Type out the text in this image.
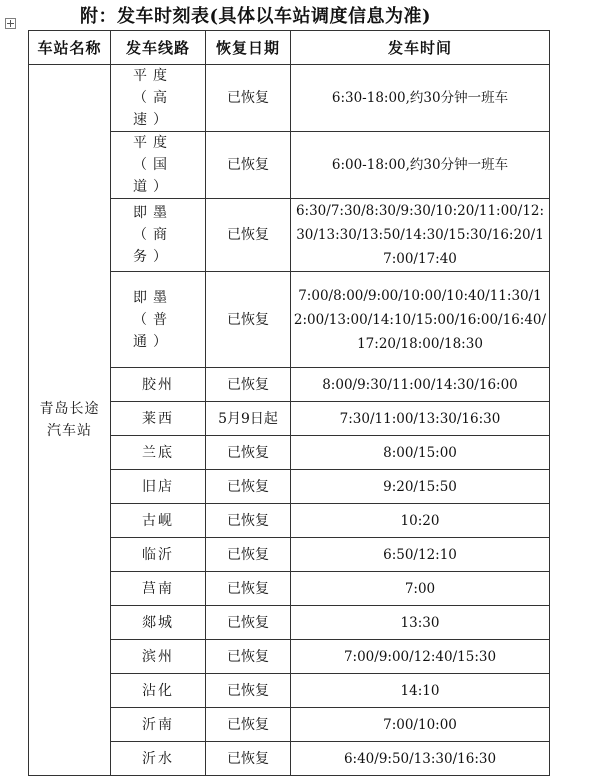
附：发车时刻表(具体以车站调度信息为准)
车站名称	发车线路	恢复日期	发车时间
青岛长途汽车站	平度（高速）	已恢复	6:30-18:00,约30分钟一班车
	平度（国道）	已恢复	6:00-18:00,约30分钟一班车
	即墨（商务）	已恢复	6:30/7:30/8:30/9:30/10:20/11:00/12:30/13:30/13:50/14:30/15:30/16:20/17:00/17:40
	即墨（普通）	已恢复	7:00/8:00/9:00/10:00/10:40/11:30/12:00/13:00/14:10/15:00/16:00/16:40/17:20/18:00/18:30
	胶州	已恢复	8:00/9:30/11:00/14:30/16:00
	莱西	5月9日起	7:30/11:00/13:30/16:30
	兰底	已恢复	8:00/15:00
	旧店	已恢复	9:20/15:50
	古岘	已恢复	10:20
	临沂	已恢复	6:50/12:10
	莒南	已恢复	7:00
	郯城	已恢复	13:30
	滨州	已恢复	7:00/9:00/12:40/15:30
	沾化	已恢复	14:10
	沂南	已恢复	7:00/10:00
	沂水	已恢复	6:40/9:50/13:30/16:30
